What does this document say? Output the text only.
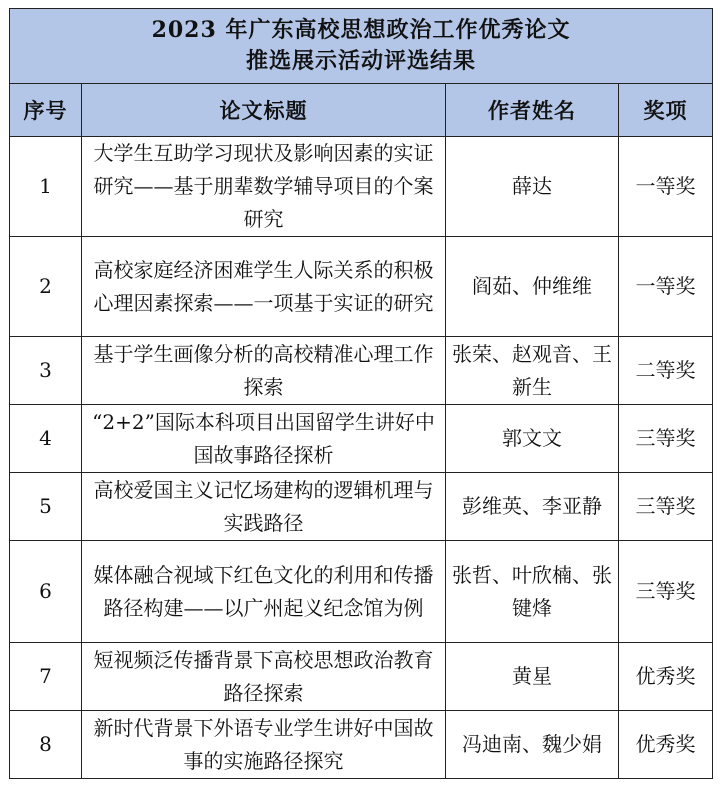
2023 年广东高校思想政治工作优秀论文
推选展示活动评选结果			

序号	论文标题	作者姓名	奖项
1	大学生互助学习现状及影响因素的实证研究——基于朋辈数学辅导项目的个案研究	薛达	一等奖
2	高校家庭经济困难学生人际关系的积极心理因素探索——一项基于实证的研究	阎茹、仲维维	一等奖
3	基于学生画像分析的高校精准心理工作探索	张荣、赵观音、王新生	二等奖
4	“2+2”国际本科项目出国留学生讲好中国故事路径探析	郭文文	三等奖
5	高校爱国主义记忆场建构的逻辑机理与实践路径	彭维英、李亚静	三等奖
6	媒体融合视域下红色文化的利用和传播路径构建——以广州起义纪念馆为例	张哲、叶欣楠、张键烽	三等奖
7	短视频泛传播背景下高校思想政治教育路径探索	黄星	优秀奖
8	新时代背景下外语专业学生讲好中国故事的实施路径探究	冯迪南、魏少娟	优秀奖
